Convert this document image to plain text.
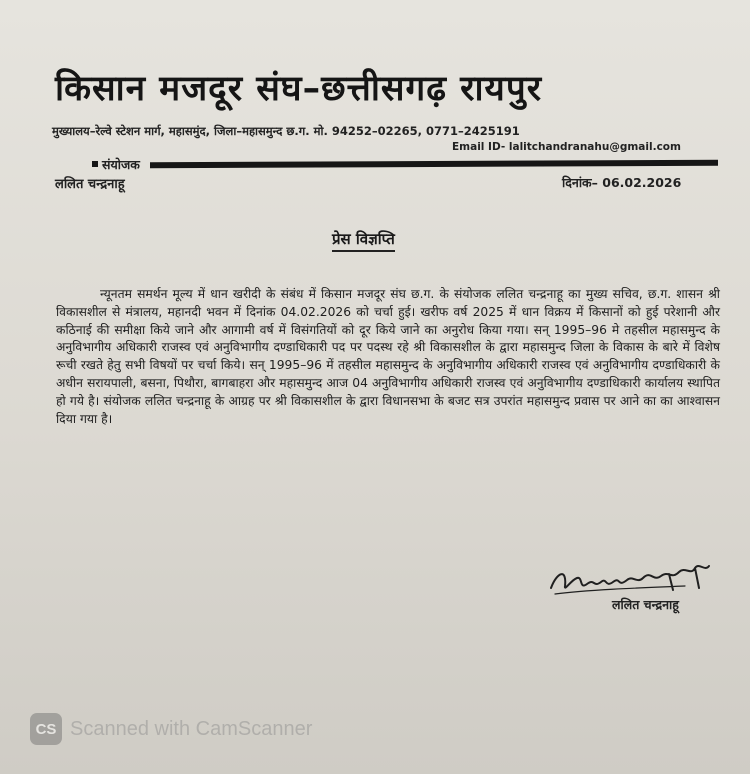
किसान मजदूर संघ–छत्तीसगढ़ रायपुर
मुख्यालय–रेल्वे स्टेशन मार्ग, महासमुंद, जिला–महासमुन्द छ.ग. मो. 94252–02265, 0771–2425191
Email ID- lalitchandranahu@gmail.com
संयोजक
ललित चन्द्रनाहू	दिनांक– 06.02.2026
प्रेस विज्ञप्ति

न्यूनतम समर्थन मूल्य में धान खरीदी के संबंध में किसान मजदूर संघ छ.ग. के संयोजक ललित चन्द्रनाहू का मुख्य सचिव, छ.ग. शासन श्री विकासशील से मंत्रालय, महानदी भवन में दिनांक 04.02.2026 को चर्चा हुई। खरीफ वर्ष 2025 में धान विक्रय में किसानों को हुई परेशानी और कठिनाई की समीक्षा किये जाने और आगामी वर्ष में विसंगतियों को दूर किये जाने का अनुरोध किया गया। सन् 1995–96 मे तहसील महासमुन्द के अनुविभागीय अधिकारी राजस्व एवं अनुविभागीय दण्डाधिकारी पद पर पदस्थ रहे श्री विकासशील के द्वारा महासमुन्द जिला के विकास के बारे में विशेष रूची रखते हेतु सभी विषयों पर चर्चा किये। सन् 1995–96 में तहसील महासमुन्द के अनुविभागीय अधिकारी राजस्व एवं अनुविभागीय दण्डाधिकारी के अधीन सरायपाली, बसना, पिथौरा, बागबाहरा और महासमुन्द आज 04 अनुविभागीय अधिकारी राजस्व एवं अनुविभागीय दण्डाधिकारी कार्यालय स्थापित हो गये है। संयोजक ललित चन्द्रनाहू के आग्रह पर श्री विकासशील के द्वारा विधानसभा के बजट सत्र उपरांत महासमुन्द प्रवास पर आने का का आश्वासन दिया गया है।

ललित चन्द्रनाहू
CS Scanned with CamScanner
